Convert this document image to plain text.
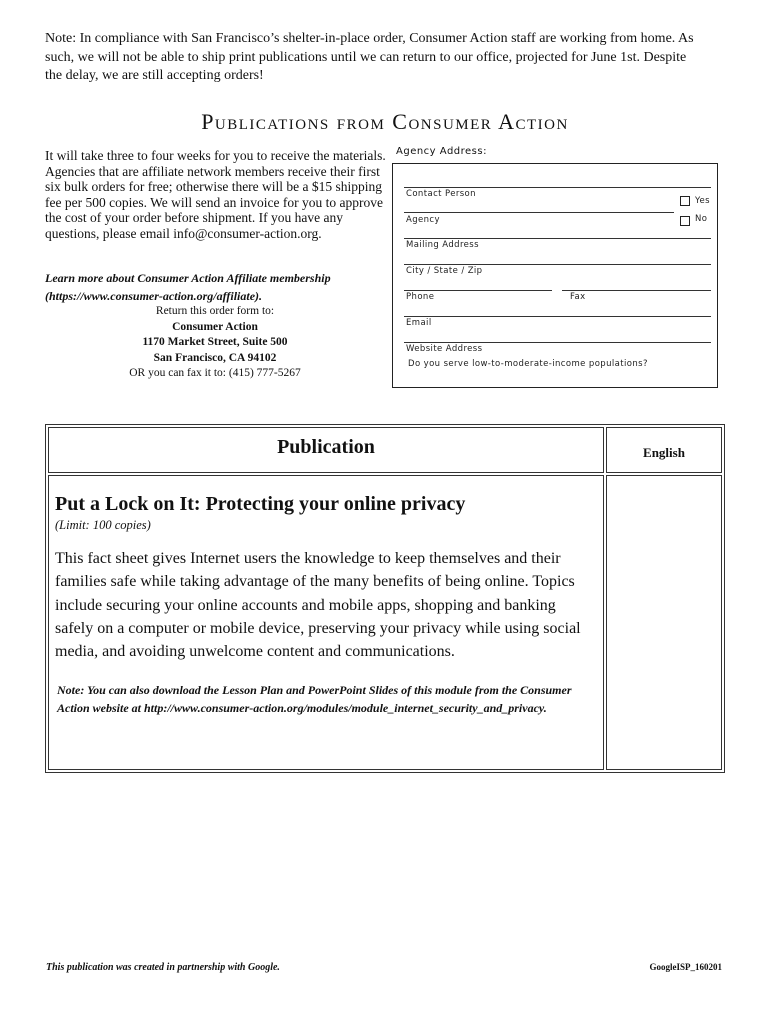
Note: In compliance with San Francisco’s shelter-in-place order, Consumer Action staff are working from home. As such, we will not be able to ship print publications until we can return to our office, projected for June 1st. Despite the delay, we are still accepting orders!
Publications from Consumer Action
It will take three to four weeks for you to receive the materials. Agencies that are affiliate network members receive their first six bulk orders for free; otherwise there will be a $15 shipping fee per 500 copies. We will send an invoice for you to approve the cost of your order before shipment. If you have any questions, please email info@consumer-action.org.
Learn more about Consumer Action Affiliate membership (https://www.consumer-action.org/affiliate).
Return this order form to:
Consumer Action
1170 Market Street, Suite 500
San Francisco, CA 94102
OR you can fax it to: (415) 777-5267
Agency Address:
Contact Person
Yes
No
Agency
Mailing Address
City / State / Zip
Phone	Fax
Email
Website Address
Do you serve low-to-moderate-income populations?
Publication	English

Put a Lock on It: Protecting your online privacy

(Limit: 100 copies)

This fact sheet gives Internet users the knowledge to keep themselves and their families safe while taking advantage of the many benefits of being online. Topics include securing your online accounts and mobile apps, shopping and banking safely on a computer or mobile device, preserving your privacy while using social media, and avoiding unwelcome content and communications.

Note: You can also download the Lesson Plan and PowerPoint Slides of this module from the Consumer Action website at http://www.consumer-action.org/modules/module_internet_security_and_privacy.	

This publication was created in partnership with Google.	GoogleISP_160201
